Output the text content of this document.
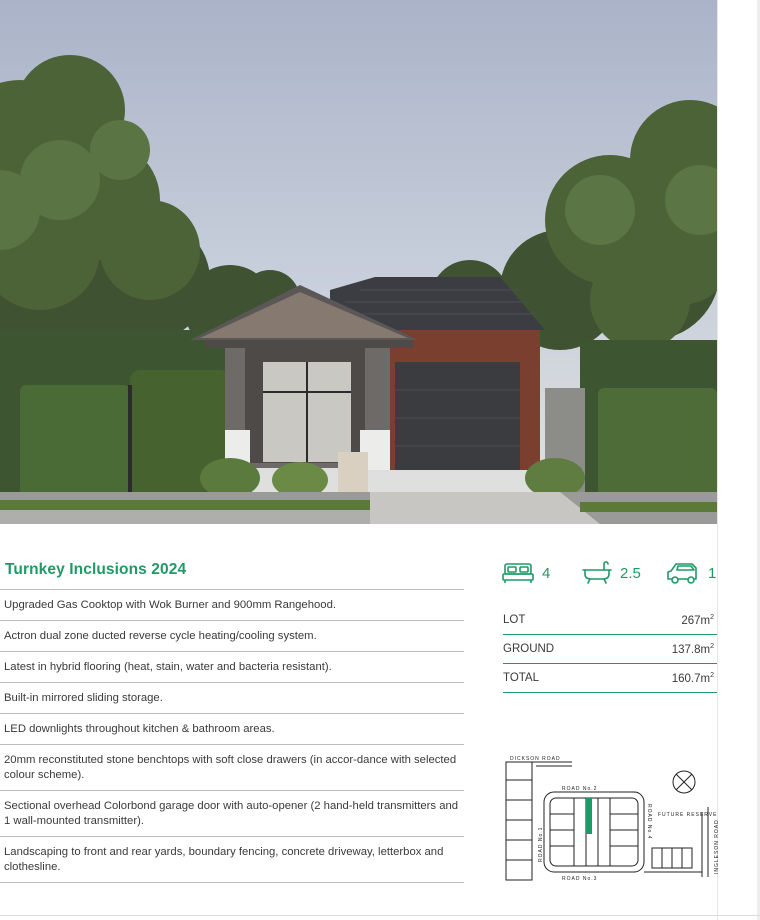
Turnkey Inclusions 2024
Upgraded Gas Cooktop with Wok Burner and 900mm Rangehood.
Actron dual zone ducted reverse cycle heating/cooling system.
Latest in hybrid flooring (heat, stain, water and bacteria resistant).
Built-in mirrored sliding storage.
LED downlights throughout kitchen & bathroom areas.
20mm reconstituted stone benchtops with soft close drawers (in accor-dance with selected colour scheme).
Sectional overhead Colorbond garage door with auto-opener (2 hand-held transmitters and 1 wall-mounted transmitter).
Landscaping to front and rear yards, boundary fencing, concrete driveway, letterbox and clothesline.
4	2.5	1
LOT	$267m^2$
GROUND	$137.8m^2$
TOTAL	$160.7m^2$
DICKSON ROAD
ROAD No.2
ROAD No.1
ROAD No.4
ROAD No.3
FUTURE RESERVE
INGLESON ROAD
